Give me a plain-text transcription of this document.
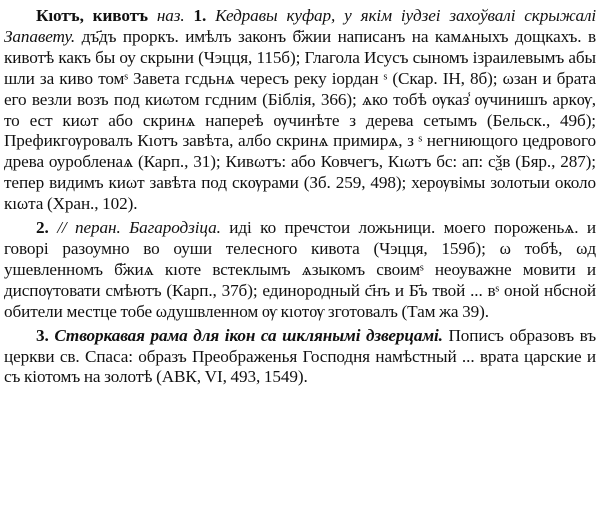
Кıотъ, кивотъ наз. 1. Кедравы куфар, у якім іудзеі захоўвалі скрыжалі Запавету. дъ҃дъ проркъ. имѣлъ законъ б҃жии написанъ на камѧныхъ дощкахъ. в кивотѣ какъ бы оу скрыни (Чэцця, 115б); Глагола Исусъ сыномъ ізраилевымъ абы шли за киво томˢ Завета гсдьнѧ чересъ реку іордан ˢ (Скар. IН, 8б); ωзан и брата его везли возъ под киωтом гсдним (Біблія, 366); ѧко тобѣ ѹказ̾ ѹчинишъ аркѹ, то ест киωт або скринѧ напереѣ ѹчинѣте з дерева сетымъ (Бельск., 49б); Префикгѹровалъ Кıотъ завѣта, албо скринѧ примирѧ, з ˢ негниющого цедрового древа оуробленаѧ (Карп., 31); Кивωтъ: або Ковчегъ, Кıωтъ бс: ап: сѯв (Бяр., 287); тепер видимъ киωт завѣта под скѹрами (Зб. 259, 498); херѹвімы золотыи около кıωта (Хран., 102).

2. // перан. Багародзіца. иді ко пречстои ложьници. моего пороженьѧ. и говорі разоумно во оуши телесного кивота (Чэцця, 159б); ω тобѣ, ωд ушевленномъ б҃жиѧ кıоте встеклымъ ѧзыкомъ своимˢ неоуважне мовити и диспѹтовати смѣютъ (Карп., 37б); единородный с҃нъ и Б҃ъ твой ... вˢ оной нбсной обители местце тобе ωдушвленном ѹ кıотѹ зготовалъ (Там жа 39).

3. Створкавая рама для ікон са шклянымі дзверцамі. Пописъ образовъ въ церкви св. Спаса: образъ Преображенья Господня намѣстный ... врата царские и съ кіотомъ на золотѣ (АВК, VI, 493, 1549).
